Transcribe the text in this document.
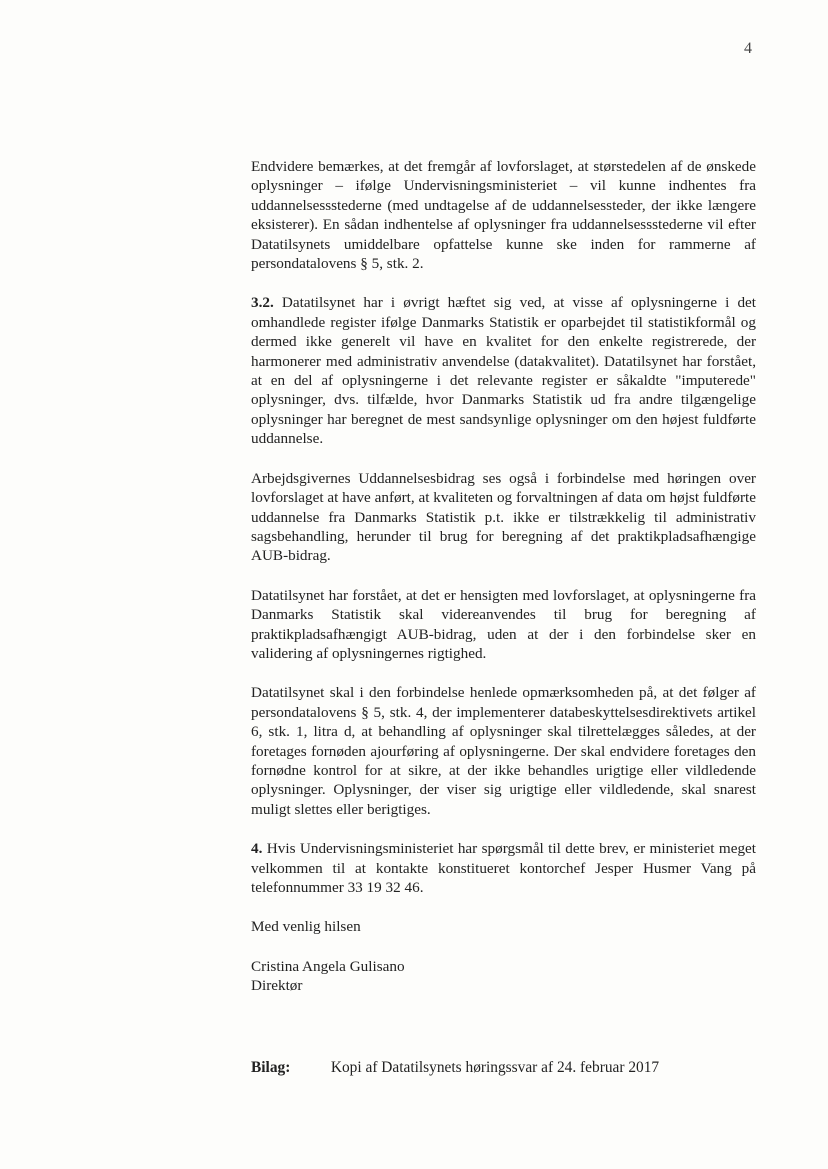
4

Endvidere bemærkes, at det fremgår af lovforslaget, at størstedelen af de ønskede oplysninger – ifølge Undervisningsministeriet – vil kunne indhentes fra uddannelsessstederne (med undtagelse af de uddannelsessteder, der ikke længere eksisterer). En sådan indhentelse af oplysninger fra uddannelsessstederne vil efter Datatilsynets umiddelbare opfattelse kunne ske inden for rammerne af persondatalovens § 5, stk. 2.

3.2. Datatilsynet har i øvrigt hæftet sig ved, at visse af oplysningerne i det omhandlede register ifølge Danmarks Statistik er oparbejdet til statistikformål og dermed ikke generelt vil have en kvalitet for den enkelte registrerede, der harmonerer med administrativ anvendelse (datakvalitet). Datatilsynet har forstået, at en del af oplysningerne i det relevante register er såkaldte "imputerede" oplysninger, dvs. tilfælde, hvor Danmarks Statistik ud fra andre tilgængelige oplysninger har beregnet de mest sandsynlige oplysninger om den højest fuldførte uddannelse.

Arbejdsgivernes Uddannelsesbidrag ses også i forbindelse med høringen over lovforslaget at have anført, at kvaliteten og forvaltningen af data om højst fuldførte uddannelse fra Danmarks Statistik p.t. ikke er tilstrækkelig til administrativ sagsbehandling, herunder til brug for beregning af det praktikpladsafhængige AUB-bidrag.

Datatilsynet har forstået, at det er hensigten med lovforslaget, at oplysningerne fra Danmarks Statistik skal videreanvendes til brug for beregning af praktikpladsafhængigt AUB-bidrag, uden at der i den forbindelse sker en validering af oplysningernes rigtighed.

Datatilsynet skal i den forbindelse henlede opmærksomheden på, at det følger af persondatalovens § 5, stk. 4, der implementerer databeskyttelsesdirektivets artikel 6, stk. 1, litra d, at behandling af oplysninger skal tilrettelægges således, at der foretages fornøden ajourføring af oplysningerne. Der skal endvidere foretages den fornødne kontrol for at sikre, at der ikke behandles urigtige eller vildledende oplysninger. Oplysninger, der viser sig urigtige eller vildledende, skal snarest muligt slettes eller berigtiges.

4. Hvis Undervisningsministeriet har spørgsmål til dette brev, er ministeriet meget velkommen til at kontakte konstitueret kontorchef Jesper Husmer Vang på telefonnummer 33 19 32 46.

Med venlig hilsen
Cristina Angela Gulisano
Direktør
Bilag:	Kopi af Datatilsynets høringssvar af 24. februar 2017
